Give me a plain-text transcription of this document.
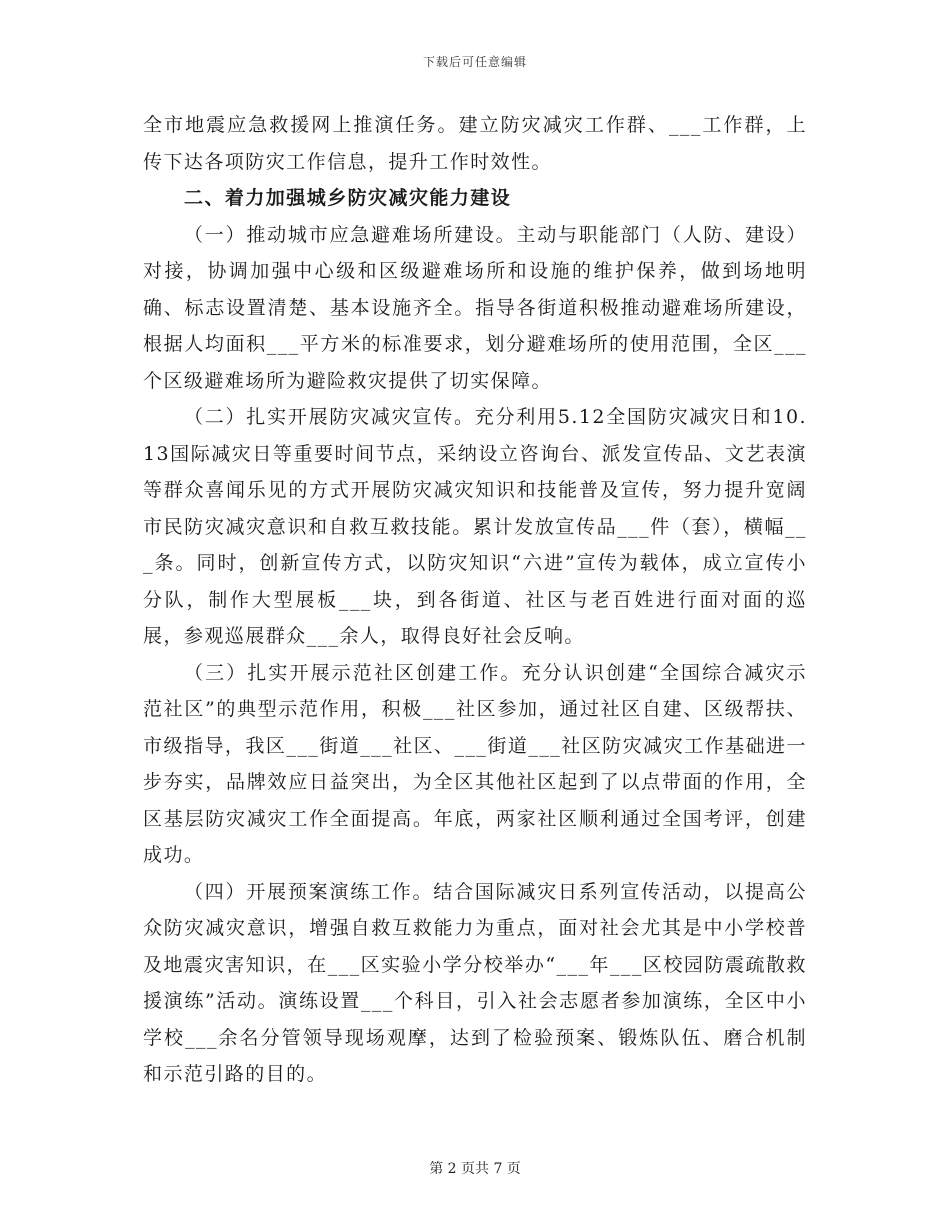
下载后可任意编辑

全市地震应急救援网上推演任务。建立防灾减灾工作群、___工作群，上传下达各项防灾工作信息，提升工作时效性。

二、着力加强城乡防灾减灾能力建设

（一）推动城市应急避难场所建设。主动与职能部门（人防、建设）对接，协调加强中心级和区级避难场所和设施的维护保养，做到场地明确、标志设置清楚、基本设施齐全。指导各街道积极推动避难场所建设，根据人均面积___平方米的标准要求，划分避难场所的使用范围，全区___个区级避难场所为避险救灾提供了切实保障。

（二）扎实开展防灾减灾宣传。充分利用5.12全国防灾减灾日和10.13国际减灾日等重要时间节点，采纳设立咨询台、派发宣传品、文艺表演等群众喜闻乐见的方式开展防灾减灾知识和技能普及宣传，努力提升宽阔市民防灾减灾意识和自救互救技能。累计发放宣传品___件（套），横幅___条。同时，创新宣传方式，以防灾知识“六进”宣传为载体，成立宣传小分队，制作大型展板___块，到各街道、社区与老百姓进行面对面的巡展，参观巡展群众___余人，取得良好社会反响。

（三）扎实开展示范社区创建工作。充分认识创建“全国综合减灾示范社区”的典型示范作用，积极___社区参加，通过社区自建、区级帮扶、市级指导，我区___街道___社区、___街道___社区防灾减灾工作基础进一步夯实，品牌效应日益突出，为全区其他社区起到了以点带面的作用，全区基层防灾减灾工作全面提高。年底，两家社区顺利通过全国考评，创建成功。

（四）开展预案演练工作。结合国际减灾日系列宣传活动，以提高公众防灾减灾意识，增强自救互救能力为重点，面对社会尤其是中小学校普及地震灾害知识，在___区实验小学分校举办“___年___区校园防震疏散救援演练”活动。演练设置___个科目，引入社会志愿者参加演练，全区中小学校___余名分管领导现场观摩，达到了检验预案、锻炼队伍、磨合机制和示范引路的目的。

第 2 页共 7 页
